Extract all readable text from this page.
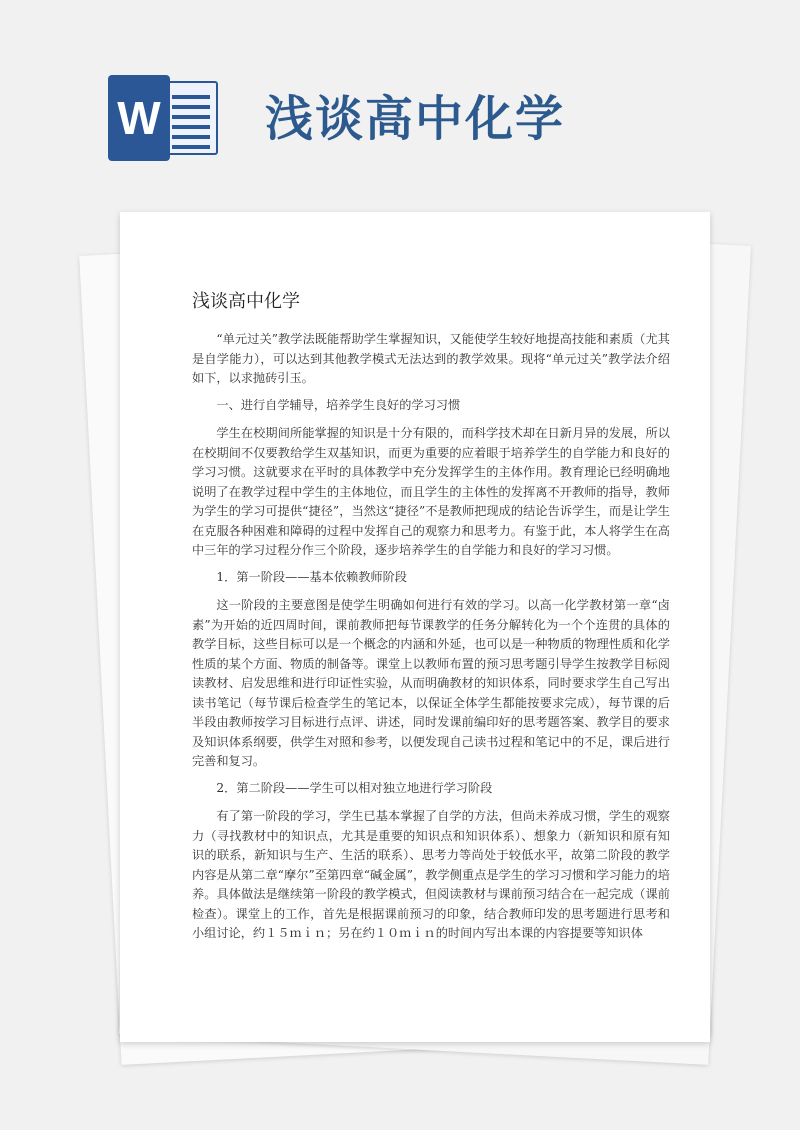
W 浅谈高中化学
浅谈高中化学

“单元过关”教学法既能帮助学生掌握知识，又能使学生较好地提高技能和素质（尤其是自学能力），可以达到其他教学模式无法达到的教学效果。现将“单元过关”教学法介绍如下，以求抛砖引玉。

一、进行自学辅导，培养学生良好的学习习惯

学生在校期间所能掌握的知识是十分有限的，而科学技术却在日新月异的发展，所以在校期间不仅要教给学生双基知识，而更为重要的应着眼于培养学生的自学能力和良好的学习习惯。这就要求在平时的具体教学中充分发挥学生的主体作用。教育理论已经明确地说明了在教学过程中学生的主体地位，而且学生的主体性的发挥离不开教师的指导，教师为学生的学习可提供“捷径”，当然这“捷径”不是教师把现成的结论告诉学生，而是让学生在克服各种困难和障碍的过程中发挥自己的观察力和思考力。有鉴于此，本人将学生在高中三年的学习过程分作三个阶段，逐步培养学生的自学能力和良好的学习习惯。

1．第一阶段——基本依赖教师阶段

这一阶段的主要意图是使学生明确如何进行有效的学习。以高一化学教材第一章“卤素”为开始的近四周时间，课前教师把每节课教学的任务分解转化为一个个连贯的具体的教学目标，这些目标可以是一个概念的内涵和外延，也可以是一种物质的物理性质和化学性质的某个方面、物质的制备等。课堂上以教师布置的预习思考题引导学生按教学目标阅读教材、启发思维和进行印证性实验，从而明确教材的知识体系，同时要求学生自己写出读书笔记（每节课后检查学生的笔记本，以保证全体学生都能按要求完成），每节课的后半段由教师按学习目标进行点评、讲述，同时发课前编印好的思考题答案、教学目的要求及知识体系纲要，供学生对照和参考，以便发现自己读书过程和笔记中的不足，课后进行完善和复习。

2．第二阶段——学生可以相对独立地进行学习阶段

有了第一阶段的学习，学生已基本掌握了自学的方法，但尚未养成习惯，学生的观察力（寻找教材中的知识点，尤其是重要的知识点和知识体系）、想象力（新知识和原有知识的联系，新知识与生产、生活的联系）、思考力等尚处于较低水平，故第二阶段的教学内容是从第二章“摩尔”至第四章“碱金属”，教学侧重点是学生的学习习惯和学习能力的培养。具体做法是继续第一阶段的教学模式，但阅读教材与课前预习结合在一起完成（课前检查）。课堂上的工作，首先是根据课前预习的印象，结合教师印发的思考题进行思考和小组讨论，约１５ｍｉｎ；另在约１０ｍｉｎ的时间内写出本课的内容提要等知识体
